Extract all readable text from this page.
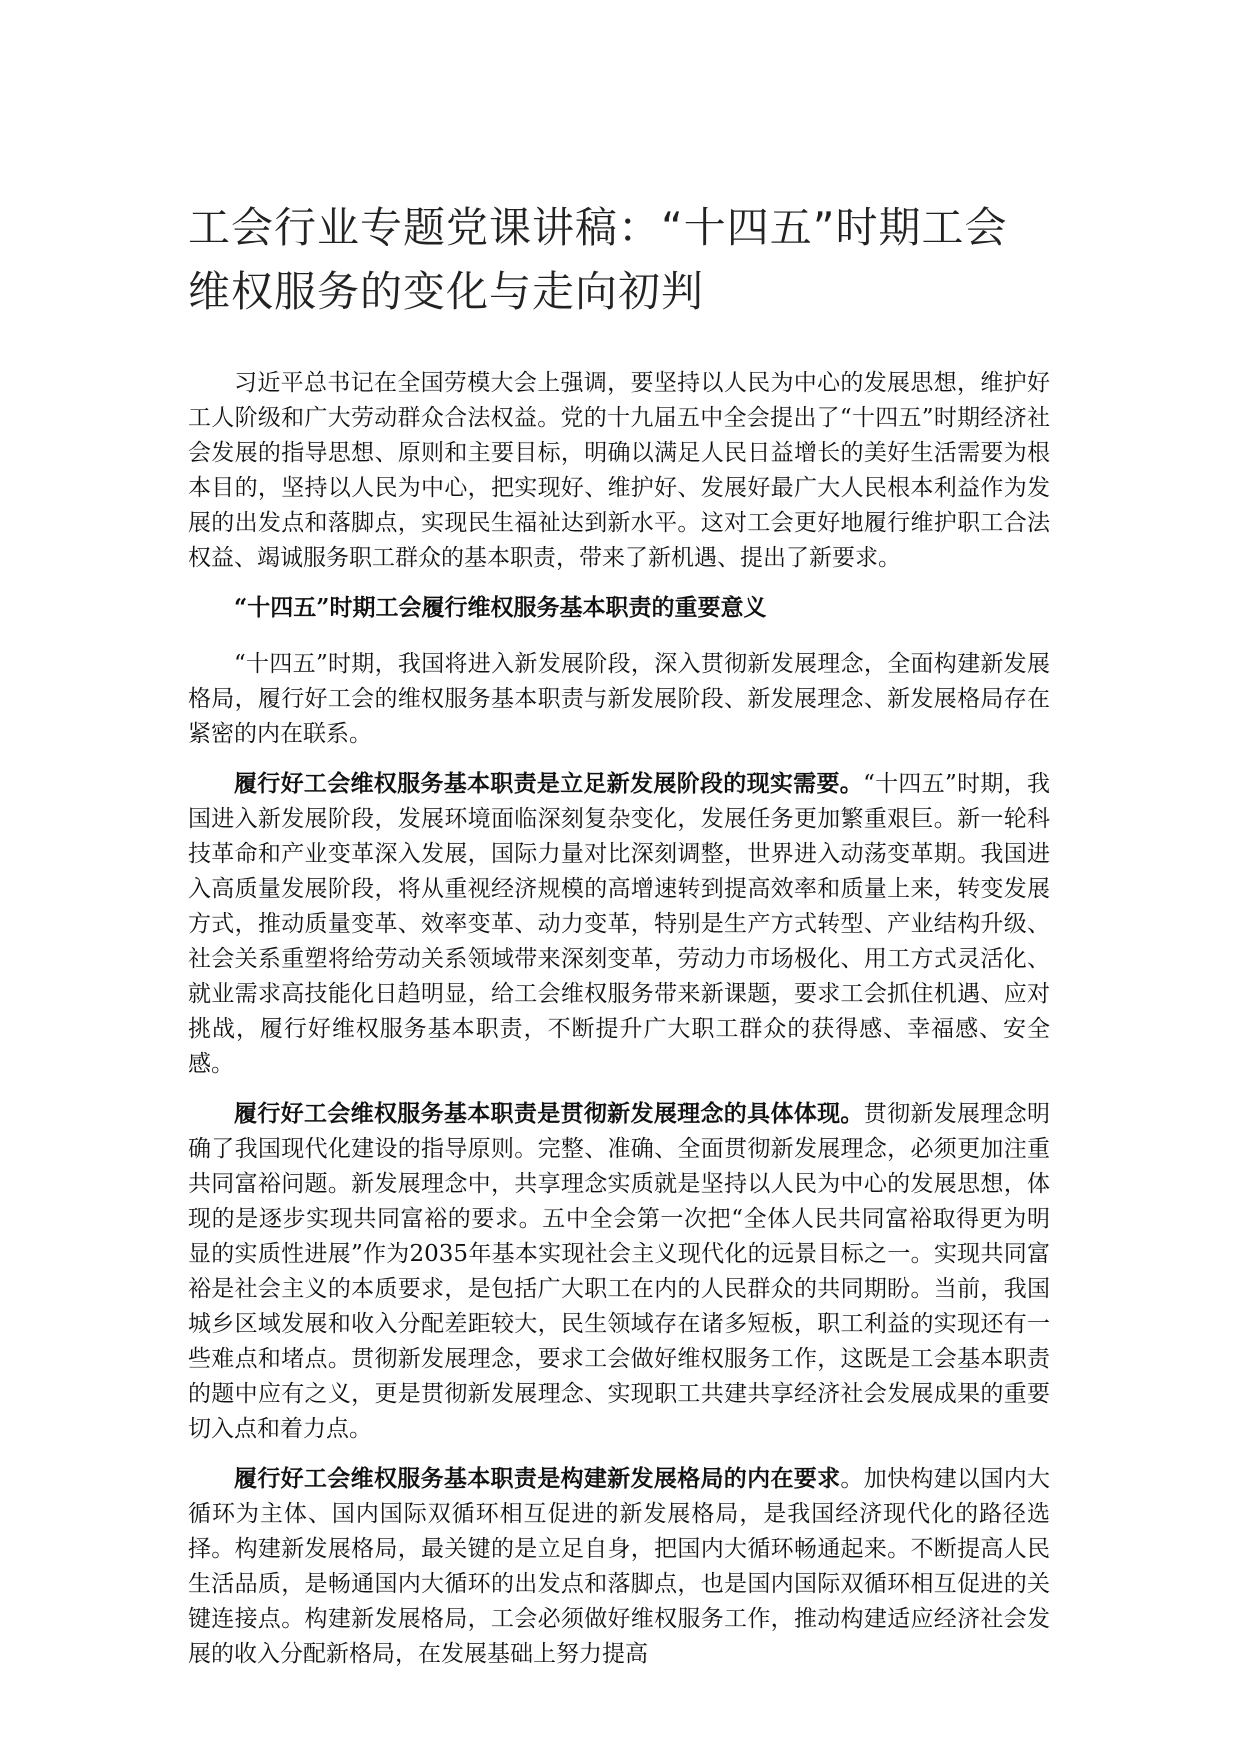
工会行业专题党课讲稿：“十四五”时期工会维权服务的变化与走向初判

习近平总书记在全国劳模大会上强调，要坚持以人民为中心的发展思想，维护好工人阶级和广大劳动群众合法权益。党的十九届五中全会提出了“十四五”时期经济社会发展的指导思想、原则和主要目标，明确以满足人民日益增长的美好生活需要为根本目的，坚持以人民为中心，把实现好、维护好、发展好最广大人民根本利益作为发展的出发点和落脚点，实现民生福祉达到新水平。这对工会更好地履行维护职工合法权益、竭诚服务职工群众的基本职责，带来了新机遇、提出了新要求。

“十四五”时期工会履行维权服务基本职责的重要意义

“十四五”时期，我国将进入新发展阶段，深入贯彻新发展理念，全面构建新发展格局，履行好工会的维权服务基本职责与新发展阶段、新发展理念、新发展格局存在紧密的内在联系。

履行好工会维权服务基本职责是立足新发展阶段的现实需要。“十四五”时期，我国进入新发展阶段，发展环境面临深刻复杂变化，发展任务更加繁重艰巨。新一轮科技革命和产业变革深入发展，国际力量对比深刻调整，世界进入动荡变革期。我国进入高质量发展阶段，将从重视经济规模的高增速转到提高效率和质量上来，转变发展方式，推动质量变革、效率变革、动力变革，特别是生产方式转型、产业结构升级、社会关系重塑将给劳动关系领域带来深刻变革，劳动力市场极化、用工方式灵活化、就业需求高技能化日趋明显，给工会维权服务带来新课题，要求工会抓住机遇、应对挑战，履行好维权服务基本职责，不断提升广大职工群众的获得感、幸福感、安全感。

履行好工会维权服务基本职责是贯彻新发展理念的具体体现。贯彻新发展理念明确了我国现代化建设的指导原则。完整、准确、全面贯彻新发展理念，必须更加注重共同富裕问题。新发展理念中，共享理念实质就是坚持以人民为中心的发展思想，体现的是逐步实现共同富裕的要求。五中全会第一次把“全体人民共同富裕取得更为明显的实质性进展”作为2035年基本实现社会主义现代化的远景目标之一。实现共同富裕是社会主义的本质要求，是包括广大职工在内的人民群众的共同期盼。当前，我国城乡区域发展和收入分配差距较大，民生领域存在诸多短板，职工利益的实现还有一些难点和堵点。贯彻新发展理念，要求工会做好维权服务工作，这既是工会基本职责的题中应有之义，更是贯彻新发展理念、实现职工共建共享经济社会发展成果的重要切入点和着力点。

履行好工会维权服务基本职责是构建新发展格局的内在要求。加快构建以国内大循环为主体、国内国际双循环相互促进的新发展格局，是我国经济现代化的路径选择。构建新发展格局，最关键的是立足自身，把国内大循环畅通起来。不断提高人民生活品质，是畅通国内大循环的出发点和落脚点，也是国内国际双循环相互促进的关键连接点。构建新发展格局，工会必须做好维权服务工作，推动构建适应经济社会发展的收入分配新格局，在发展基础上努力提高
